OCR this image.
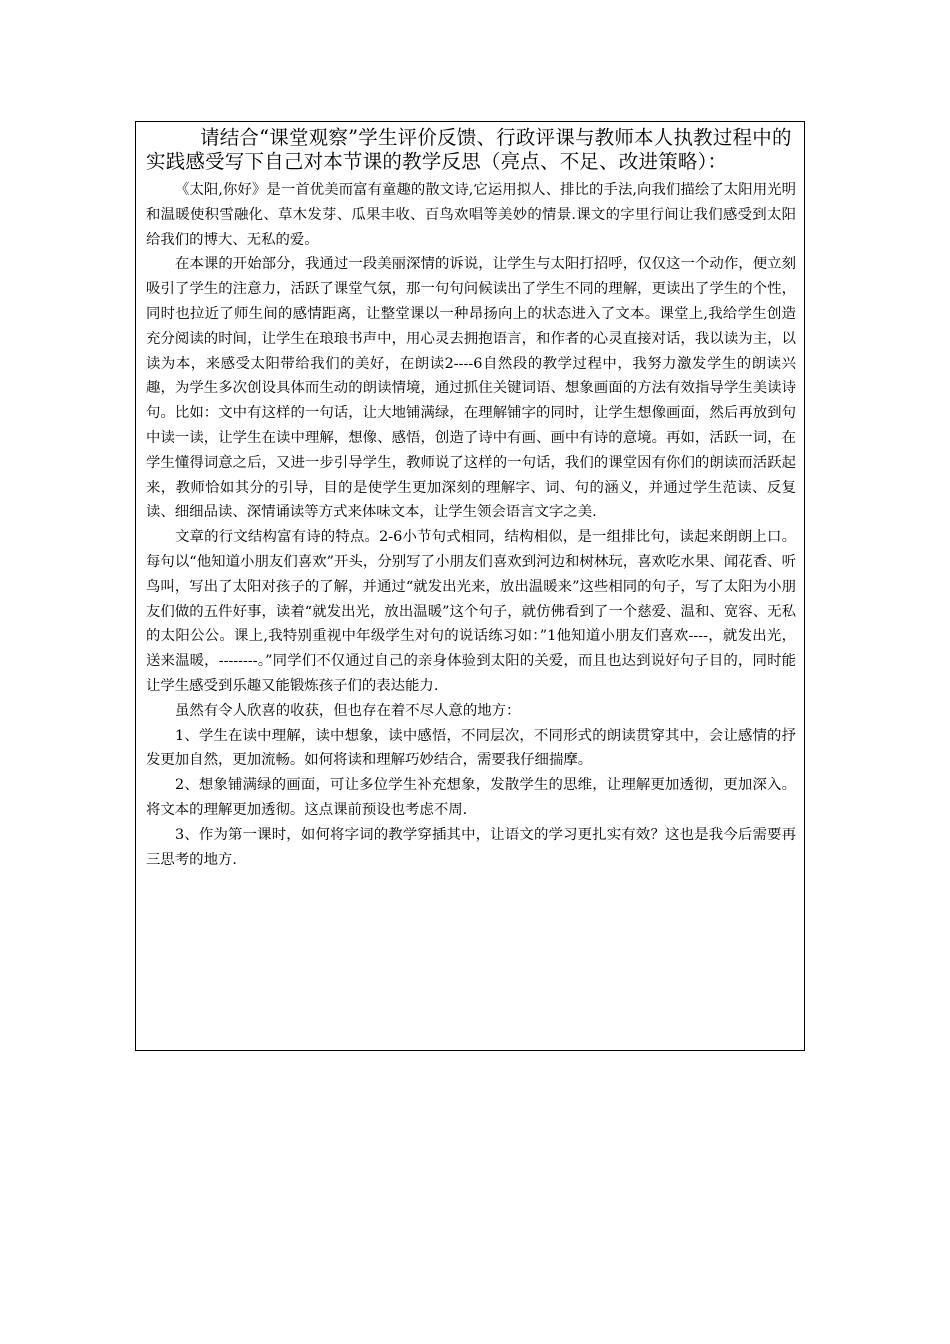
请结合“课堂观察”学生评价反馈、行政评课与教师本人执教过程中的实践感受写下自己对本节课的教学反思（亮点、不足、改进策略）：

《太阳,你好》是一首优美而富有童趣的散文诗,它运用拟人、排比的手法,向我们描绘了太阳用光明和温暖使积雪融化、草木发芽、瓜果丰收、百鸟欢唱等美妙的情景.课文的字里行间让我们感受到太阳给我们的博大、无私的爱。

在本课的开始部分，我通过一段美丽深情的诉说，让学生与太阳打招呼，仅仅这一个动作，便立刻吸引了学生的注意力，活跃了课堂气氛，那一句句问候读出了学生不同的理解，更读出了学生的个性，同时也拉近了师生间的感情距离，让整堂课以一种昂扬向上的状态进入了文本。课堂上,我给学生创造充分阅读的时间，让学生在琅琅书声中，用心灵去拥抱语言，和作者的心灵直接对话，我以读为主，以读为本，来感受太阳带给我们的美好，在朗读2----6自然段的教学过程中，我努力激发学生的朗读兴趣，为学生多次创设具体而生动的朗读情境，通过抓住关键词语、想象画面的方法有效指导学生美读诗句。比如：文中有这样的一句话，让大地铺满绿，在理解铺字的同时，让学生想像画面，然后再放到句中读一读，让学生在读中理解，想像、感悟，创造了诗中有画、画中有诗的意境。再如，活跃一词，在学生懂得词意之后，又进一步引导学生，教师说了这样的一句话，我们的课堂因有你们的朗读而活跃起来，教师恰如其分的引导，目的是使学生更加深刻的理解字、词、句的涵义，并通过学生范读、反复读、细细品读、深情诵读等方式来体味文本，让学生领会语言文字之美.

文章的行文结构富有诗的特点。2-6小节句式相同，结构相似，是一组排比句，读起来朗朗上口。每句以“他知道小朋友们喜欢”开头，分别写了小朋友们喜欢到河边和树林玩，喜欢吃水果、闻花香、听鸟叫，写出了太阳对孩子的了解，并通过“就发出光来，放出温暖来”这些相同的句子，写了太阳为小朋友们做的五件好事，读着“就发出光，放出温暖”这个句子，就仿佛看到了一个慈爱、温和、宽容、无私的太阳公公。课上,我特别重视中年级学生对句的说话练习如：”1他知道小朋友们喜欢----，就发出光，送来温暖，--------。”同学们不仅通过自己的亲身体验到太阳的关爱，而且也达到说好句子目的，同时能让学生感受到乐趣又能锻炼孩子们的表达能力.

虽然有令人欣喜的收获，但也存在着不尽人意的地方：

1、学生在读中理解，读中想象，读中感悟，不同层次，不同形式的朗读贯穿其中，会让感情的抒发更加自然，更加流畅。如何将读和理解巧妙结合，需要我仔细揣摩。

2、想象铺满绿的画面，可让多位学生补充想象，发散学生的思维，让理解更加透彻，更加深入。将文本的理解更加透彻。这点课前预设也考虑不周.

3、作为第一课时，如何将字词的教学穿插其中，让语文的学习更扎实有效？这也是我今后需要再三思考的地方.
